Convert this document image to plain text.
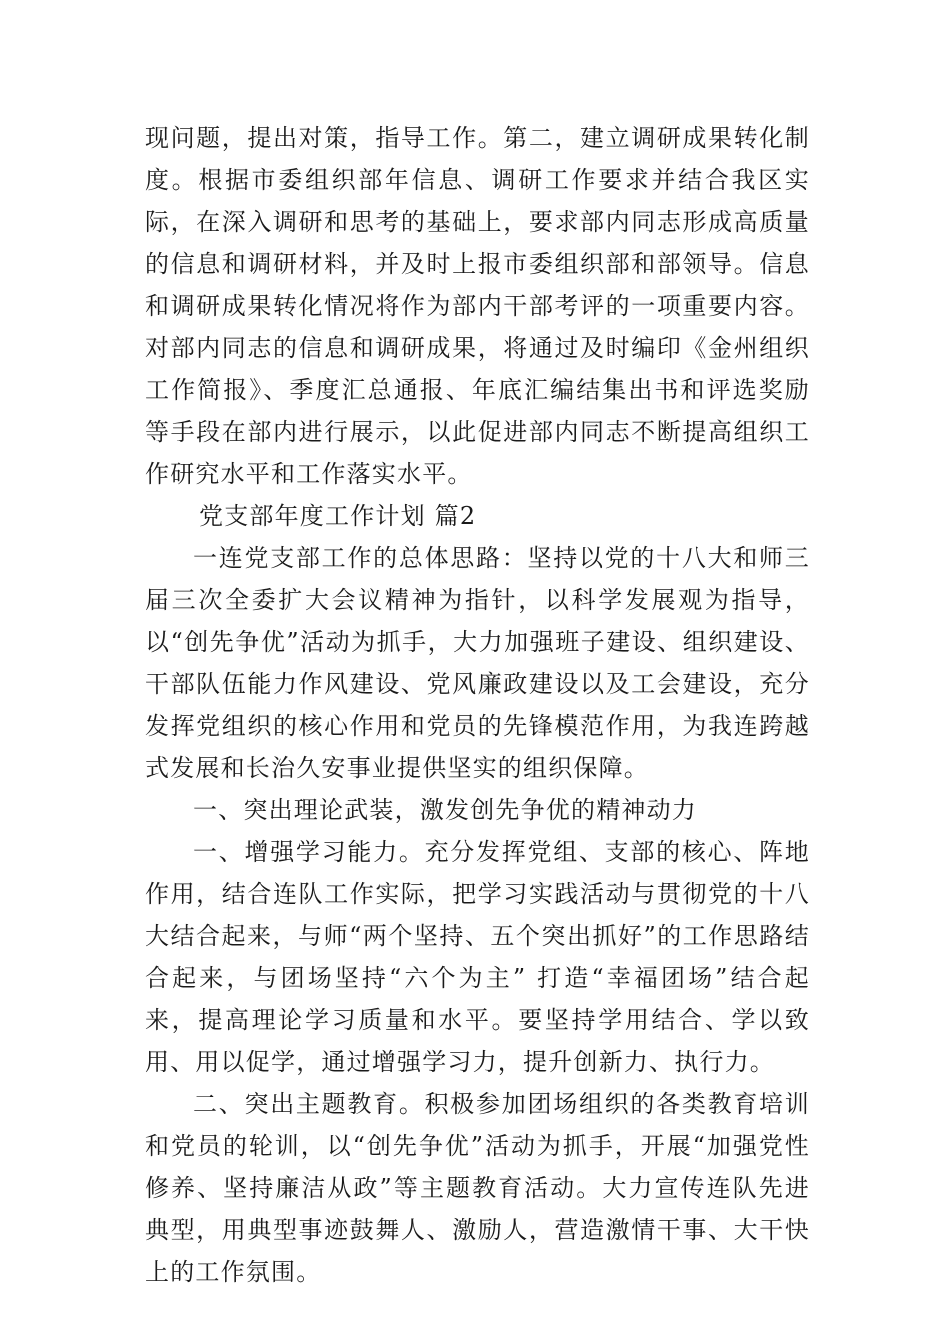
现问题，提出对策，指导工作。第二，建立调研成果转化制度。根据市委组织部年信息、调研工作要求并结合我区实际，在深入调研和思考的基础上，要求部内同志形成高质量的信息和调研材料，并及时上报市委组织部和部领导。信息和调研成果转化情况将作为部内干部考评的一项重要内容。对部内同志的信息和调研成果，将通过及时编印《金州组织工作简报》、季度汇总通报、年底汇编结集出书和评选奖励等手段在部内进行展示，以此促进部内同志不断提高组织工作研究水平和工作落实水平。

党支部年度工作计划 篇2

一连党支部工作的总体思路：坚持以党的十八大和师三届三次全委扩大会议精神为指针，以科学发展观为指导，以“创先争优”活动为抓手，大力加强班子建设、组织建设、干部队伍能力作风建设、党风廉政建设以及工会建设，充分发挥党组织的核心作用和党员的先锋模范作用，为我连跨越式发展和长治久安事业提供坚实的组织保障。

一、突出理论武装，激发创先争优的精神动力

一、增强学习能力。充分发挥党组、支部的核心、阵地作用，结合连队工作实际，把学习实践活动与贯彻党的十八大结合起来，与师“两个坚持、五个突出抓好”的工作思路结合起来，与团场坚持“六个为主” 打造“幸福团场”结合起来，提高理论学习质量和水平。要坚持学用结合、学以致用、用以促学，通过增强学习力，提升创新力、执行力。

二、突出主题教育。积极参加团场组织的各类教育培训和党员的轮训，以“创先争优”活动为抓手，开展“加强党性修养、坚持廉洁从政”等主题教育活动。大力宣传连队先进典型，用典型事迹鼓舞人、激励人，营造激情干事、大干快上的工作氛围。
